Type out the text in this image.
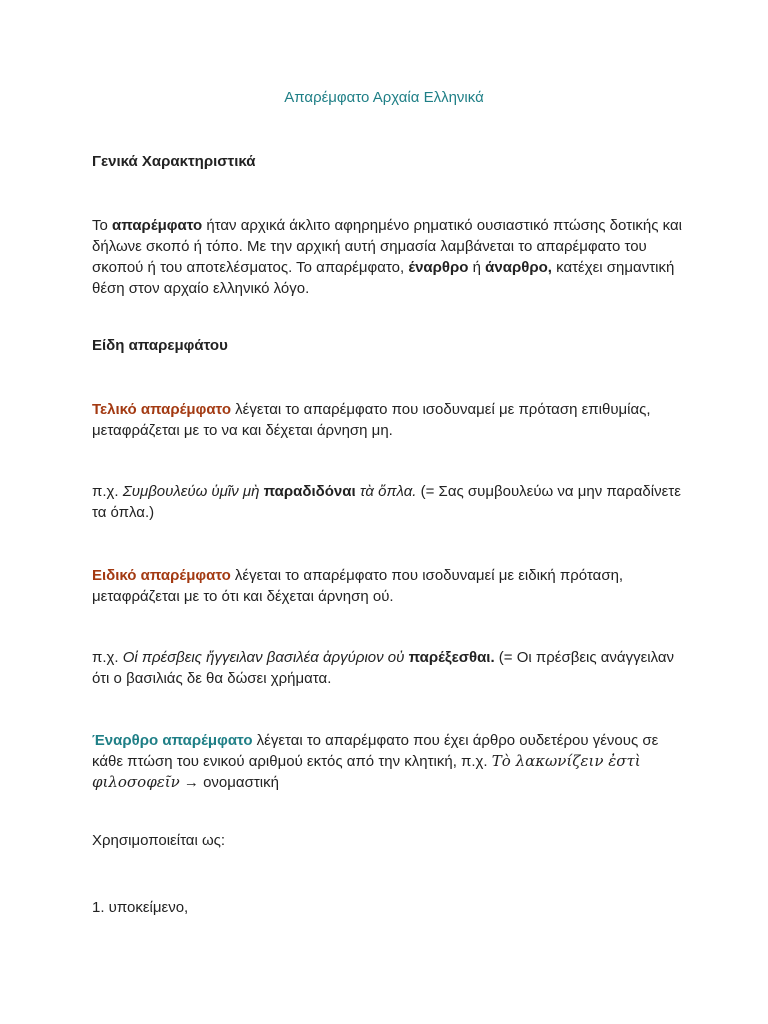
Απαρέμφατο Αρχαία Ελληνικά
Γενικά Χαρακτηριστικά
Το απαρέμφατο ήταν αρχικά άκλιτο αφηρημένο ρηματικό ουσιαστικό πτώσης δοτικής και δήλωνε σκοπό ή τόπο. Με την αρχική αυτή σημασία λαμβάνεται το απαρέμφατο του σκοπού ή του αποτελέσματος. Το απαρέμφατο, έναρθρο ή άναρθρο, κατέχει σημαντική θέση στον αρχαίο ελληνικό λόγο.
Είδη απαρεμφάτου
Τελικό απαρέμφατο λέγεται το απαρέμφατο που ισοδυναμεί με πρόταση επιθυμίας, μεταφράζεται με το να και δέχεται άρνηση μη.
π.χ. Συμβουλεύω ὑμῖν μὴ παραδιδόναι τὰ ὅπλα. (= Σας συμβουλεύω να μην παραδίνετε τα όπλα.)
Ειδικό απαρέμφατο λέγεται το απαρέμφατο που ισοδυναμεί με ειδική πρόταση, μεταφράζεται με το ότι και δέχεται άρνηση ού.
π.χ. Οἱ πρέσβεις ἤγγειλαν βασιλέα ἀργύριον οὐ παρέξεσθαι. (= Οι πρέσβεις ανάγγειλαν ότι ο βασιλιάς δε θα δώσει χρήματα.
Έναρθρο απαρέμφατο λέγεται το απαρέμφατο που έχει άρθρο ουδετέρου γένους σε κάθε πτώση του ενικού αριθμού εκτός από την κλητική, π.χ. Τὸ λακωνίζειν ἐστὶ φιλοσοφεῖν → ονομαστική
Χρησιμοποιείται ως:
1. υποκείμενο,
